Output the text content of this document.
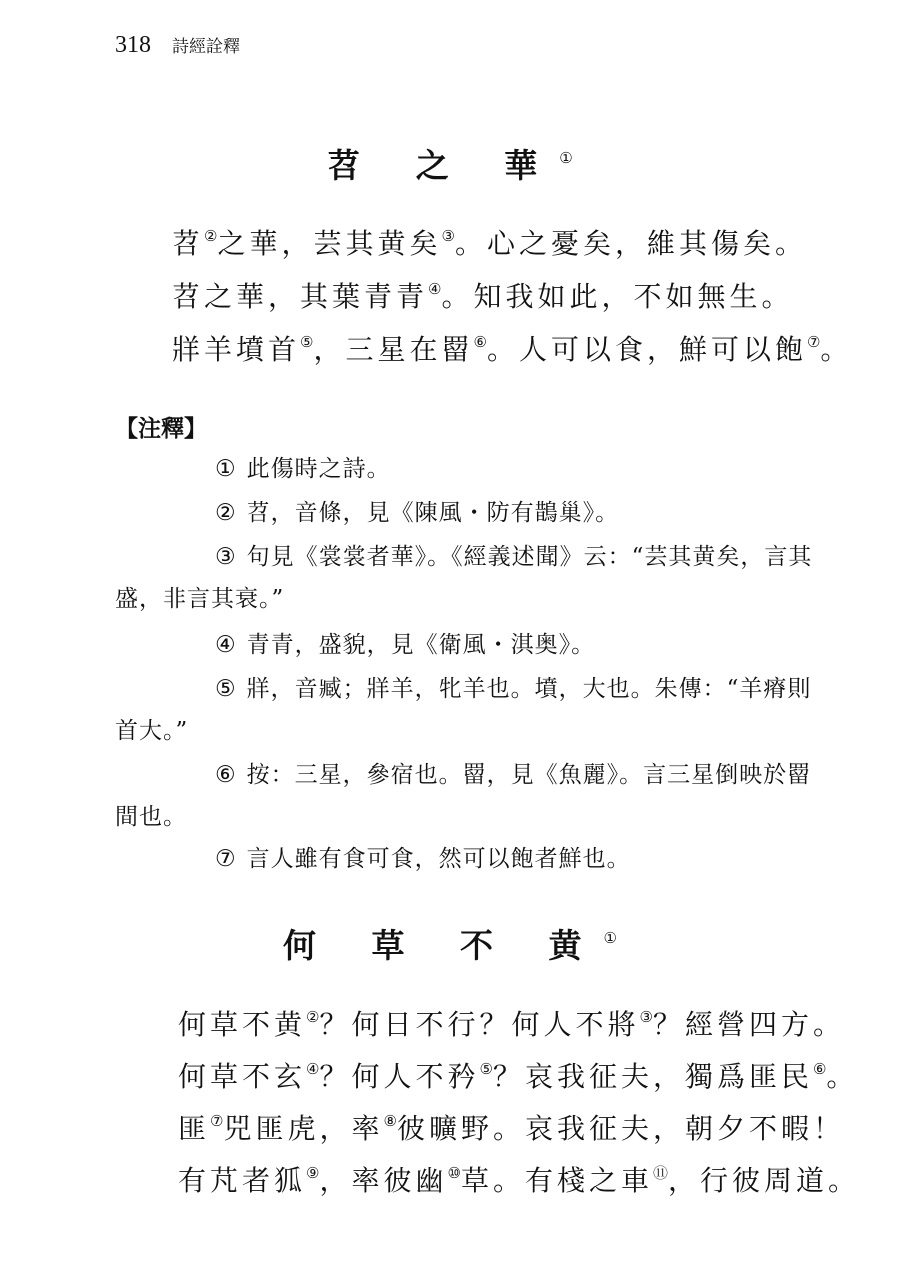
318 詩經詮釋
苕 之 華①
苕②之華，芸其黄矣③。心之憂矣，維其傷矣。
苕之華，其葉青青④。知我如此，不如無生。
牂羊墳首⑤，三星在罶⑥。人可以食，鮮可以飽⑦。
【注釋】
① 此傷時之詩。
② 苕，音條，見《陳風・防有鵲巢》。
③ 句見《裳裳者華》。《經義述聞》云：“芸其黄矣，言其盛，非言其衰。”
④ 青青，盛貌，見《衛風・淇奥》。
⑤ 牂，音臧；牂羊，牝羊也。墳，大也。朱傳：“羊瘠則首大。”
⑥ 按：三星，參宿也。罶，見《魚麗》。言三星倒映於罶間也。
⑦ 言人雖有食可食，然可以飽者鮮也。
何 草 不 黄①
何草不黄②？何日不行？何人不將③？經營四方。
何草不玄④？何人不矜⑤？哀我征夫，獨爲匪民⑥。
匪⑦兕匪虎，率⑧彼曠野。哀我征夫，朝夕不暇！
有芃者狐⑨，率彼幽⑩草。有棧之車⑪，行彼周道。
